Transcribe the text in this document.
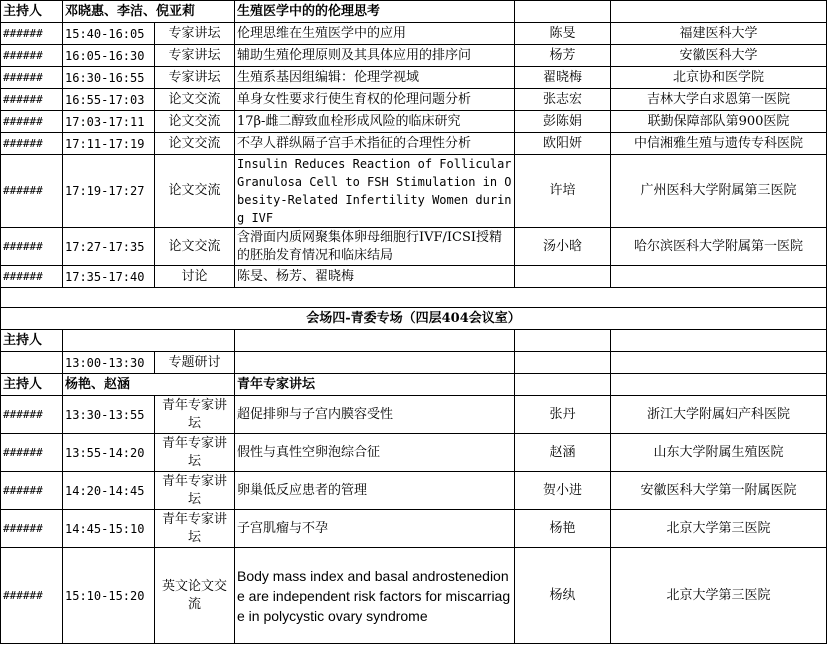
主持人	邓晓惠、李洁、倪亚莉		生殖医学中的的伦理思考		
######	15:40-16:05	专家讲坛	伦理思维在生殖医学中的应用	陈旻	福建医科大学
######	16:05-16:30	专家讲坛	辅助生殖伦理原则及其具体应用的排序问	杨芳	安徽医科大学
######	16:30-16:55	专家讲坛	生殖系基因组编辑：伦理学视域	翟晓梅	北京协和医学院
######	16:55-17:03	论文交流	单身女性要求行使生育权的伦理问题分析	张志宏	吉林大学白求恩第一医院
######	17:03-17:11	论文交流	17β-雌二醇致血栓形成风险的临床研究	彭陈娟	联勤保障部队第900医院
######	17:11-17:19	论文交流	不孕人群纵隔子宫手术指征的合理性分析	欧阳妍	中信湘雅生殖与遗传专科医院
######	17:19-17:27	论文交流	Insulin Reduces Reaction of Follicular Granulosa Cell to FSH Stimulation in Obesity-Related Infertility Women during IVF	许培	广州医科大学附属第三医院
######	17:27-17:35	论文交流	含滑面内质网聚集体卵母细胞行IVF/ICSI授精的胚胎发育情况和临床结局	汤小晗	哈尔滨医科大学附属第一医院
######	17:35-17:40	讨论	陈旻、杨芳、翟晓梅		

会场四-青委专场（四层404会议室）					
主持人					
	13:00-13:30	专题研讨			
主持人	杨艳、赵涵		青年专家讲坛		
######	13:30-13:55	青年专家讲坛	超促排卵与子宫内膜容受性	张丹	浙江大学附属妇产科医院
######	13:55-14:20	青年专家讲坛	假性与真性空卵泡综合征	赵涵	山东大学附属生殖医院
######	14:20-14:45	青年专家讲坛	卵巢低反应患者的管理	贺小进	安徽医科大学第一附属医院
######	14:45-15:10	青年专家讲坛	子宫肌瘤与不孕	杨艳	北京大学第三医院
######	15:10-15:20	英文论文交流	Body mass index and basal androstenedione are independent risk factors for miscarriage in polycystic ovary syndrome	杨纨	北京大学第三医院
